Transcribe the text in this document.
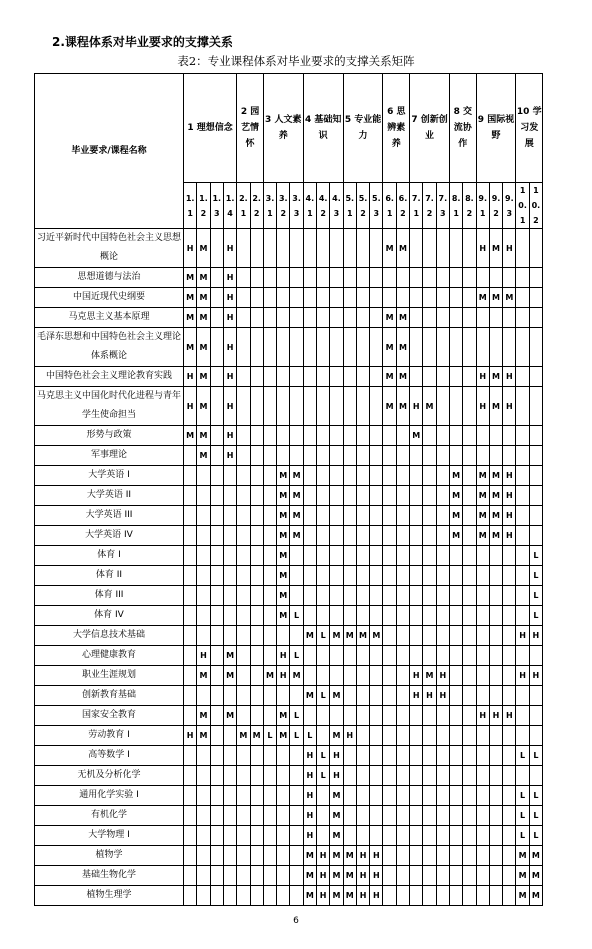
2.课程体系对毕业要求的支撑关系
表2：专业课程体系对毕业要求的支撑关系矩阵
毕业要求/课程名称	1 理想信念				2 园艺情怀		3 人文素养			4 基础知识			5 专业能力			6 思辨素养		7 创新创业			8 交流协作		9 国际视野			10 学习发展	
	1.1	1.2	1.3	1.4	2.1	2.2	3.1	3.2	3.3	4.1	4.2	4.3	5.1	5.2	5.3	6.1	6.2	7.1	7.2	7.3	8.1	8.2	9.1	9.2	9.3	10.1	10.2
习近平新时代中国特色社会主义思想概论	H	M		H												M	M						H	M	H		
思想道德与法治	M	M		H																							
中国近现代史纲要	M	M		H																			M	M	M		
马克思主义基本原理	M	M		H												M	M										
毛泽东思想和中国特色社会主义理论体系概论	M	M		H												M	M										
中国特色社会主义理论教育实践	H	M		H												M	M						H	M	H		
马克思主义中国化时代化进程与青年学生使命担当	H	M		H												M	M	H	M				H	M	H		
形势与政策	M	M		H														M									
军事理论		M		H																							
大学英语 I								M	M												M		M	M	H		
大学英语 II								M	M												M		M	M	H		
大学英语 III								M	M												M		M	M	H		
大学英语 IV								M	M												M		M	M	H		
体育 I								M																			L
体育 II								M																			L
体育 III								M																			L
体育 IV								M	L																		L
大学信息技术基础										M	L	M	M	M	M											H	H
心理健康教育		H		M				H	L																		
职业生涯规划		M		M			M	H	M									H	M	H						H	H
创新教育基础										M	L	M						H	H	H							
国家安全教育		M		M				M	L														H	H	H		
劳动教育 I	H	M			M	M	L	M	L	L		M	H														
高等数学 I										H	L	H														L	L
无机及分析化学										H	L	H															
通用化学实验 I										H		M														L	L
有机化学										H		M														L	L
大学物理 I										H		M														L	L
植物学										M	H	M	M	H	H											M	M
基础生物化学										M	H	M	M	H	H											M	M
植物生理学										M	H	M	M	H	H											M	M
6
